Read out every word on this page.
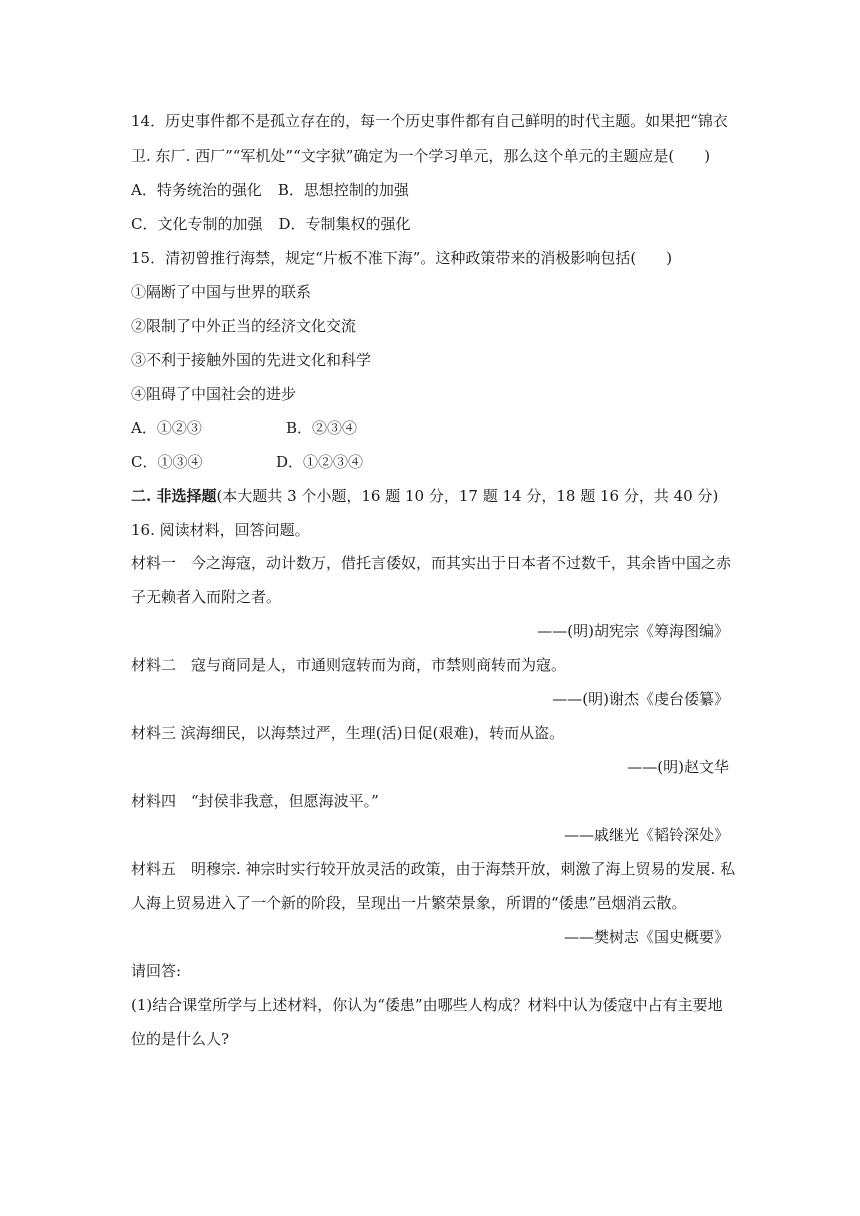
14．历史事件都不是孤立存在的，每一个历史事件都有自己鲜明的时代主题。如果把“锦衣
卫. 东厂. 西厂”“军机处”“文字狱”确定为一个学习单元，那么这个单元的主题应是(　　)
A．特务统治的强化 B．思想控制的加强
C．文化专制的加强 D．专制集权的强化
15．清初曾推行海禁，规定“片板不准下海”。这种政策带来的消极影响包括(　　)
①隔断了中国与世界的联系
②限制了中外正当的经济文化交流
③不利于接触外国的先进文化和科学
④阻碍了中国社会的进步
A．①②③	B．②③④
C．①③④	D．①②③④
二. 非选择题(本大题共 3 个小题，16 题 10 分，17 题 14 分，18 题 16 分，共 40 分)
16. 阅读材料，回答问题。
材料一　今之海寇，动计数万，借托言倭奴，而其实出于日本者不过数千，其余皆中国之赤
子无赖者入而附之者。
——(明)胡宪宗《筹海图编》
材料二　寇与商同是人，市通则寇转而为商，市禁则商转而为寇。
——(明)谢杰《虔台倭纂》
材料三 滨海细民，以海禁过严，生理(活)日促(艰难)，转而从盗。
——(明)赵文华
材料四　“封侯非我意，但愿海波平。”
——戚继光《韬铃深处》
材料五　明穆宗. 神宗时实行较开放灵活的政策，由于海禁开放，刺激了海上贸易的发展. 私
人海上贸易进入了一个新的阶段，呈现出一片繁荣景象，所谓的“倭患”邑烟消云散。
——樊树志《国史概要》
请回答:
(1)结合课堂所学与上述材料，你认为“倭患”由哪些人构成？材料中认为倭寇中占有主要地
位的是什么人?
